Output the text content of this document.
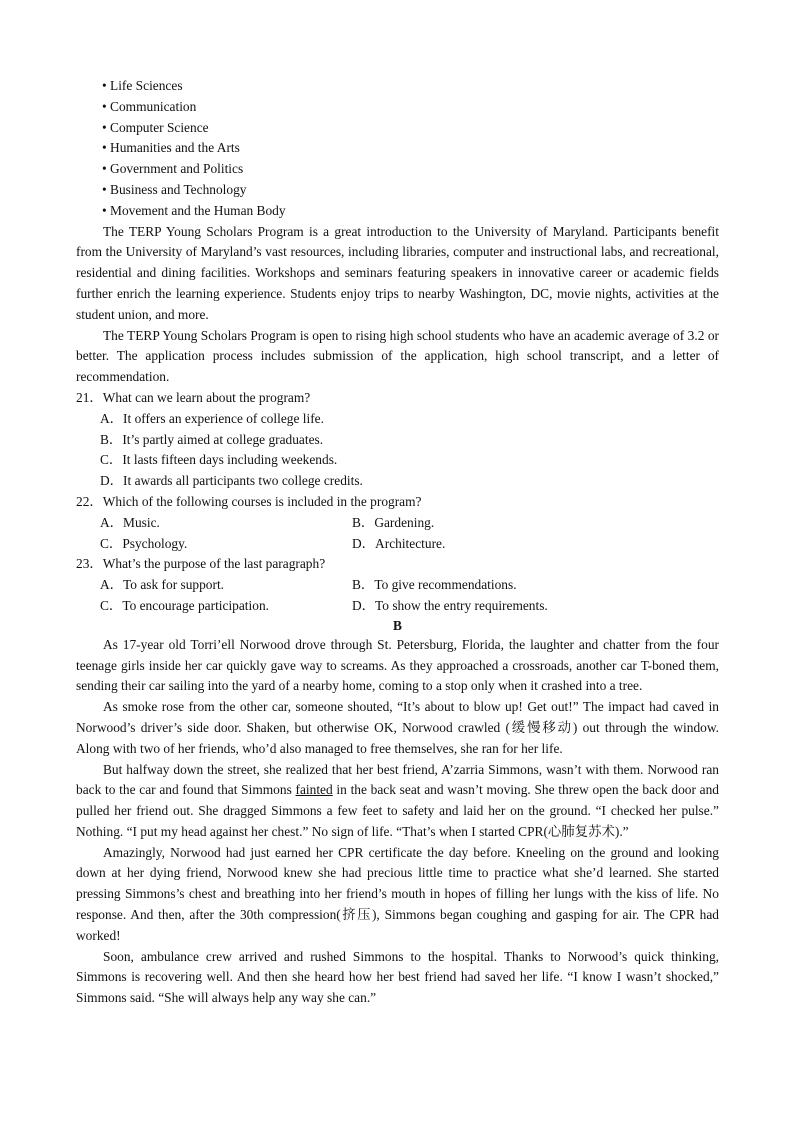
• Life Sciences
• Communication
• Computer Science
• Humanities and the Arts
• Government and Politics
• Business and Technology
• Movement and the Human Body

The TERP Young Scholars Program is a great introduction to the University of Maryland. Participants benefit from the University of Maryland’s vast resources, including libraries, computer and instructional labs, and recreational, residential and dining facilities. Workshops and seminars featuring speakers in innovative career or academic fields further enrich the learning experience. Students enjoy trips to nearby Washington, DC, movie nights, activities at the student union, and more.

The TERP Young Scholars Program is open to rising high school students who have an academic average of 3.2 or better. The application process includes submission of the application, high school transcript, and a letter of recommendation.

21．What can we learn about the program?
A．It offers an experience of college life.
B．It’s partly aimed at college graduates.
C．It lasts fifteen days including weekends.
D．It awards all participants two college credits.
22．Which of the following courses is included in the program?
A．Music.	B．Gardening.
C．Psychology.	D．Architecture.
23．What’s the purpose of the last paragraph?
A．To ask for support.	B．To give recommendations.
C．To encourage participation.	D．To show the entry requirements.
B

As 17-year old Torri’ell Norwood drove through St. Petersburg, Florida, the laughter and chatter from the four teenage girls inside her car quickly gave way to screams. As they approached a crossroads, another car T-boned them, sending their car sailing into the yard of a nearby home, coming to a stop only when it crashed into a tree.

As smoke rose from the other car, someone shouted, “It’s about to blow up! Get out!” The impact had caved in Norwood’s driver’s side door. Shaken, but otherwise OK, Norwood crawled (缓慢移动) out through the window. Along with two of her friends, who’d also managed to free themselves, she ran for her life.

But halfway down the street, she realized that her best friend, A’zarria Simmons, wasn’t with them. Norwood ran back to the car and found that Simmons fainted in the back seat and wasn’t moving. She threw open the back door and pulled her friend out. She dragged Simmons a few feet to safety and laid her on the ground. “I checked her pulse.” Nothing. “I put my head against her chest.” No sign of life. “That’s when I started CPR(心肺复苏术).”

Amazingly, Norwood had just earned her CPR certificate the day before. Kneeling on the ground and looking down at her dying friend, Norwood knew she had precious little time to practice what she’d learned. She started pressing Simmons’s chest and breathing into her friend’s mouth in hopes of filling her lungs with the kiss of life. No response. And then, after the 30th compression(挤压), Simmons began coughing and gasping for air. The CPR had worked!

Soon, ambulance crew arrived and rushed Simmons to the hospital. Thanks to Norwood’s quick thinking, Simmons is recovering well. And then she heard how her best friend had saved her life. “I know I wasn’t shocked,” Simmons said. “She will always help any way she can.”
